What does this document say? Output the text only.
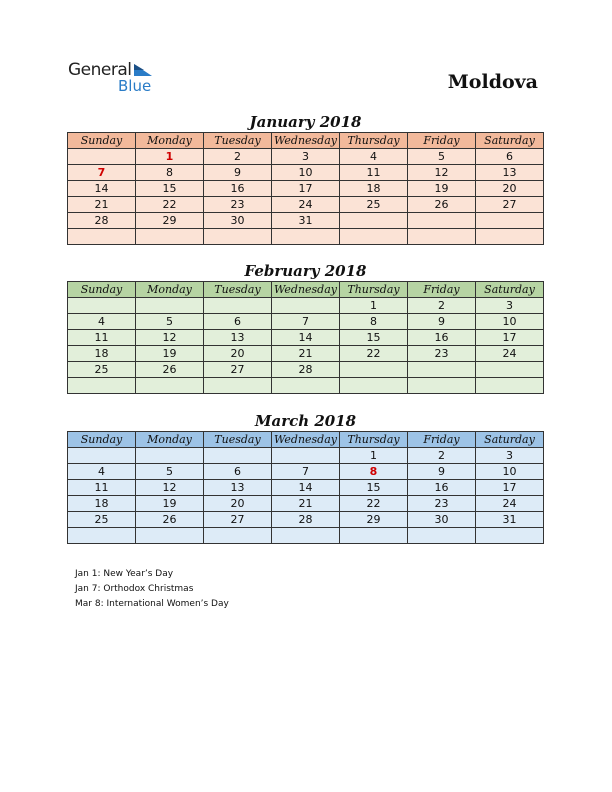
General
Blue	Moldova
January 2018
Sunday	Monday	Tuesday	Wednesday	Thursday	Friday	Saturday
	1	2	3	4	5	6
7	8	9	10	11	12	13
14	15	16	17	18	19	20
21	22	23	24	25	26	27
28	29	30	31			

February 2018
Sunday	Monday	Tuesday	Wednesday	Thursday	Friday	Saturday
				1	2	3
4	5	6	7	8	9	10
11	12	13	14	15	16	17
18	19	20	21	22	23	24
25	26	27	28			

March 2018
Sunday	Monday	Tuesday	Wednesday	Thursday	Friday	Saturday
				1	2	3
4	5	6	7	8	9	10
11	12	13	14	15	16	17
18	19	20	21	22	23	24
25	26	27	28	29	30	31

Jan 1: New Year’s Day
Jan 7: Orthodox Christmas
Mar 8: International Women’s Day
